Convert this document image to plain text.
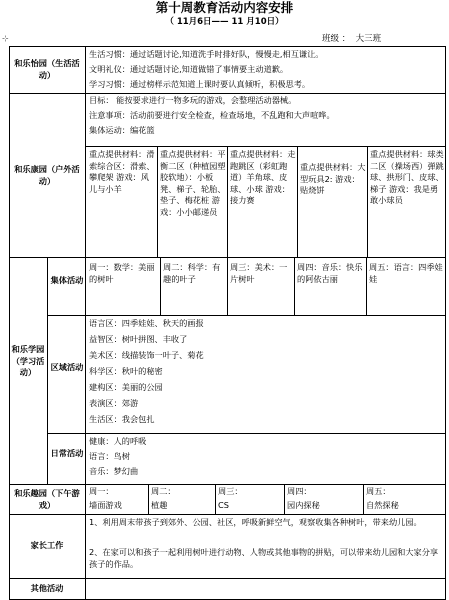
第十周教育活动内容安排
（ 11月6日—— 11 月10日）
⊹	班级 ：  大三班
和乐怡园（生活活动）
生活习惯：通过话题讨论,知道洗手时排好队，慢慢走,相互谦让。
文明礼仪：通过话题讨论,知道做错了事情要主动道歉。
学习习惯：通过榜样示范知道上课时要认真倾听，积极思考。
和乐康园（户外活动）
目标： 能按要求进行一物多玩的游戏，会整理活动器械。
注意事项：活动前要进行安全检查，检查场地，不乱跑和大声喧哗。
集体运动：编花篮
重点提供材料：滑索综合区：滑索、攀爬架 游戏：风儿与小羊
重点提供材料：平衡二区（种植园塑胶软地）：小板凳、梯子、轮胎、垫子、梅花桩 游戏：小小邮递员
重点提供材料：走跑跳区（彩虹跑道）羊角球、皮球、小球 游戏：接力赛
重点提供材料：大型玩具2: 游戏：贴烧饼
重点提供材料：球类二区（操场西）弹跳球、拱形门、皮球、梯子 游戏：我是勇敢小球员
和乐学园（学习活动）
集体活动
周一：数学：美丽的树叶
周二：科学：有趣的叶子
周三：美术：一片树叶
周四：音乐：快乐的阿依古丽
周五：语言：四季娃娃
区域活动
语言区：四季娃娃、秋天的画报
益智区：树叶拼图、丰收了
美术区：线描装饰一叶子、菊花
科学区：秋叶的秘密
建构区：美丽的公园
表演区：郊游
生活区：我会包扎
日常活动
健康：人的呼吸
语言：鸟树
音乐：梦幻曲
和乐趣园（下午游戏）
周一：
墙面游戏
周二：
植趣
周三：
CS
周四：
园内探秘
周五：
自然探秘
家长工作
1、利用周末带孩子到郊外、公园、社区，呼吸新鲜空气，观察收集各种树叶，带来幼儿园。
2、在家可以和孩子一起利用树叶进行动物、人物或其他事物的拼贴，可以带来幼儿园和大家分享孩子的作品。
其他活动
